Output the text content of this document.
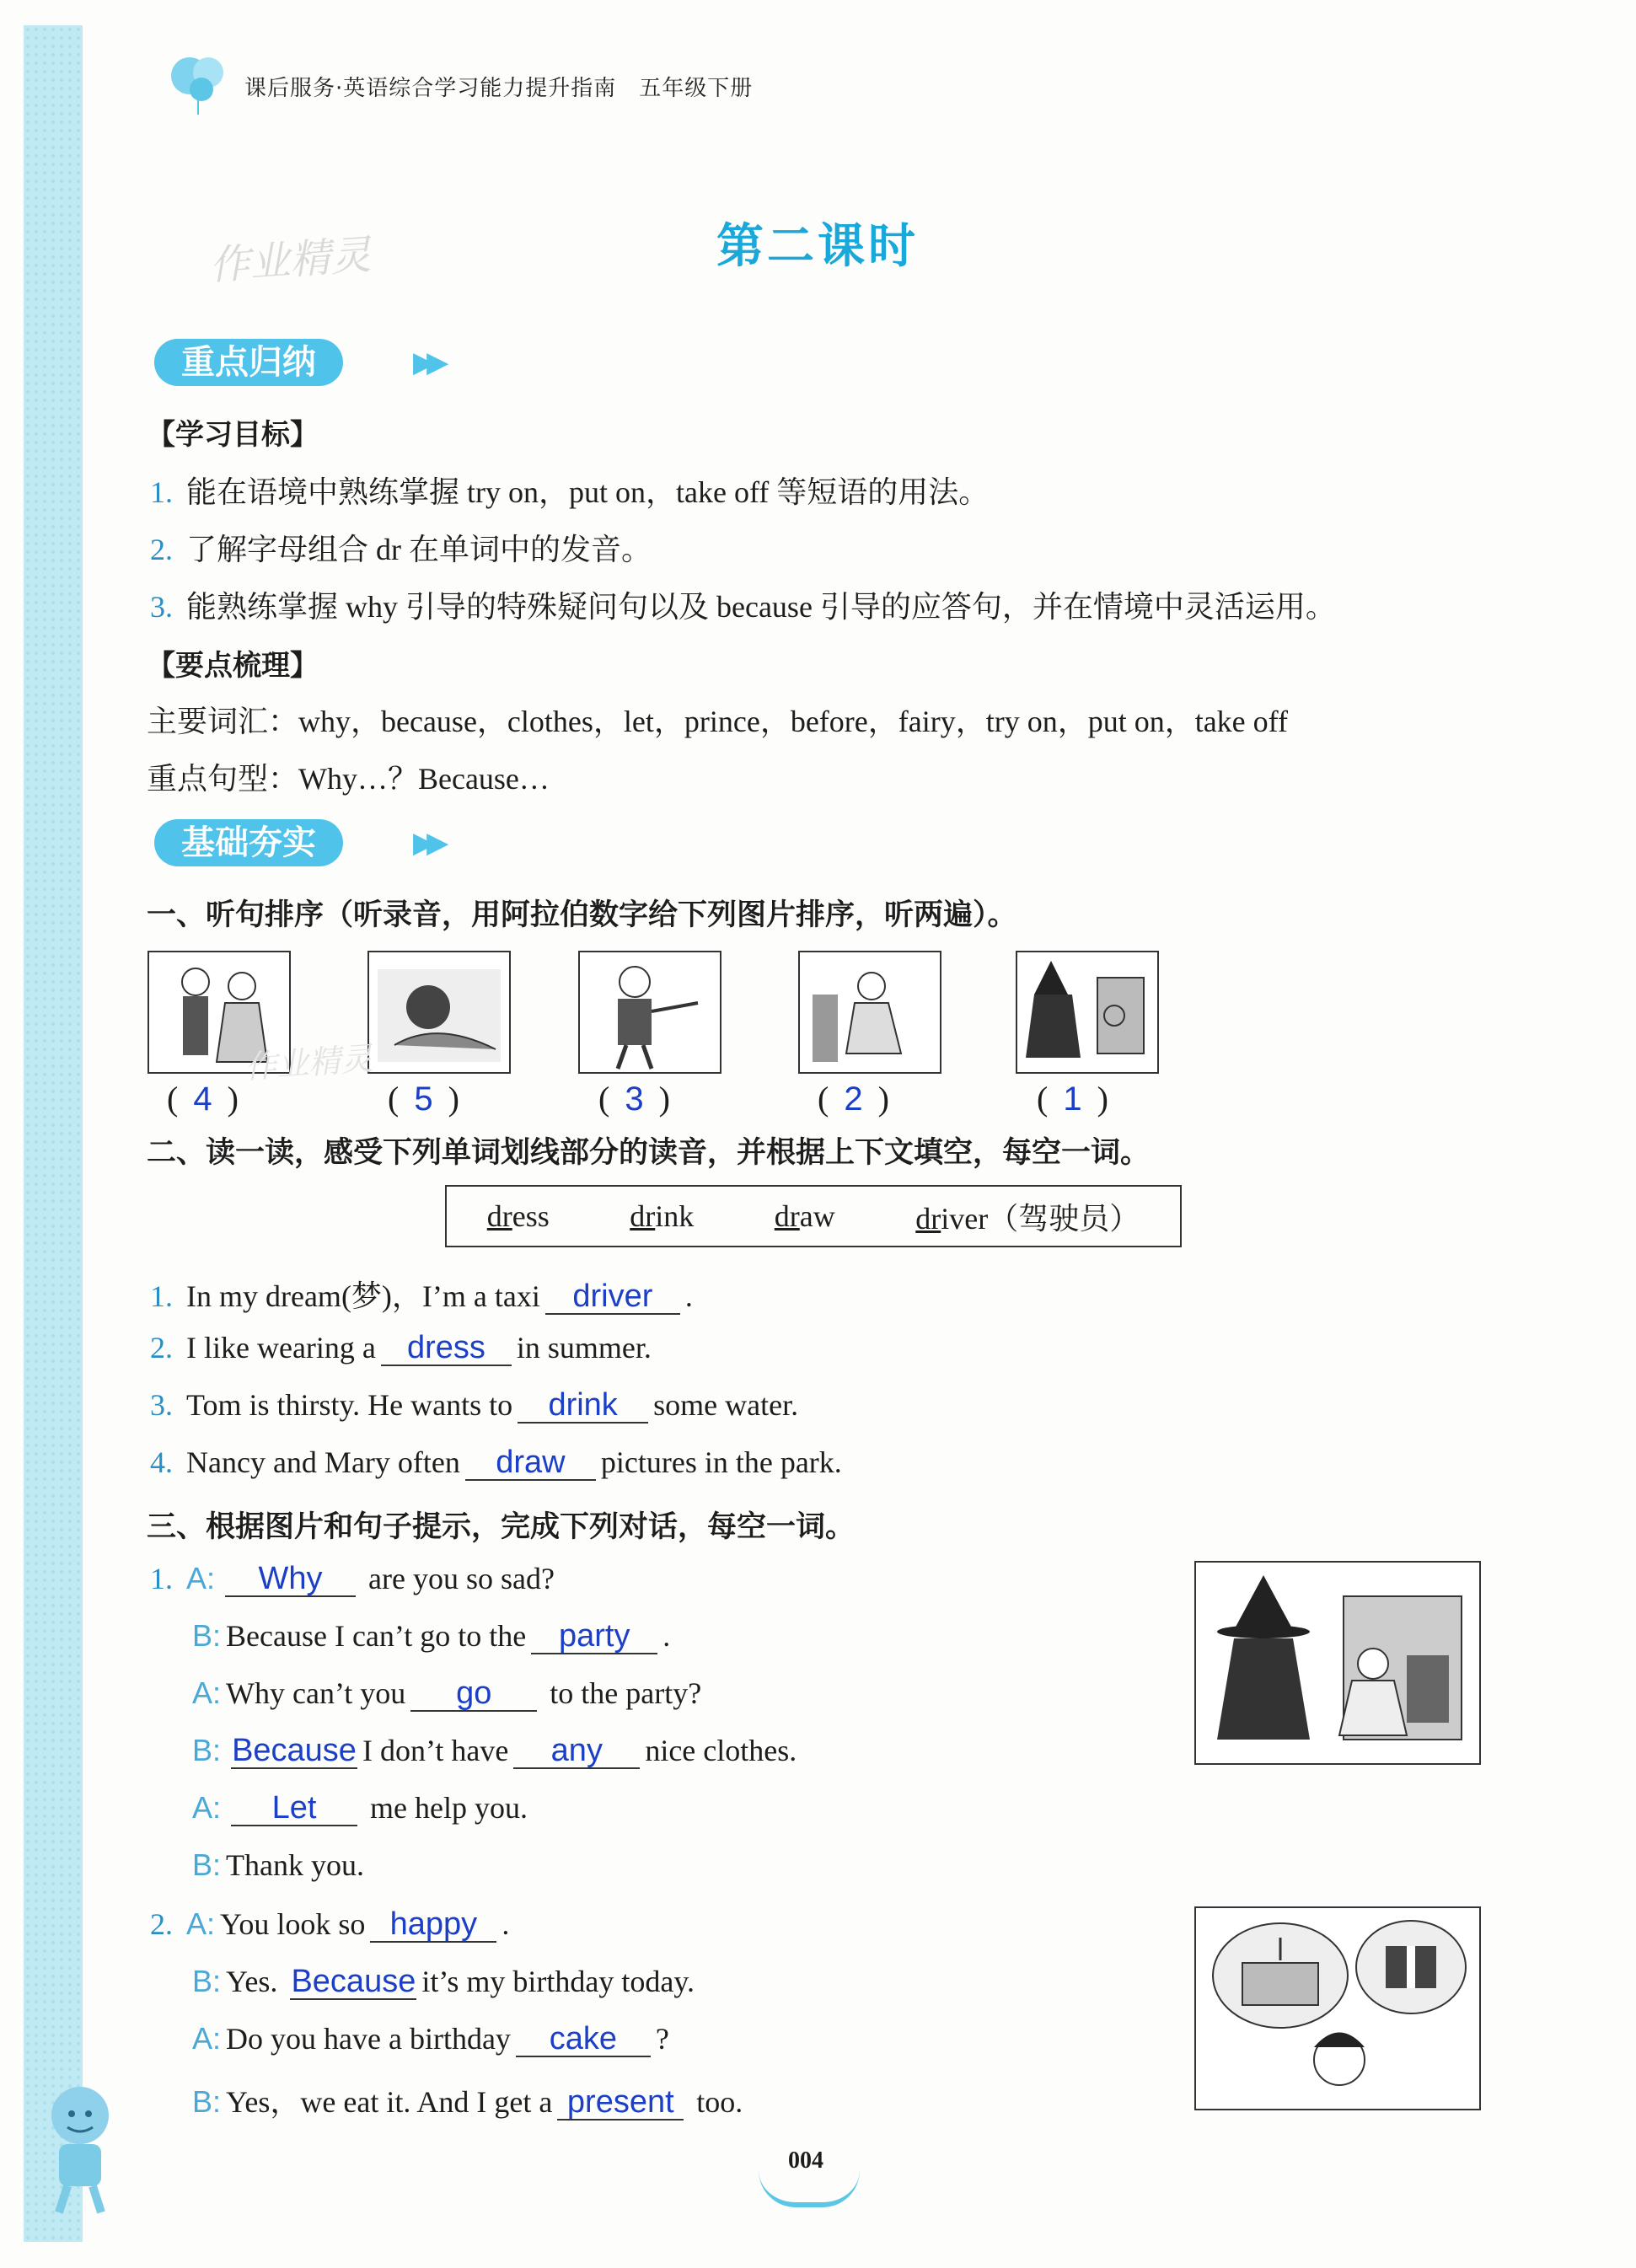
课后服务·英语综合学习能力提升指南　五年级下册
作业精灵	第二课时
重点归纳	▶▶
【学习目标】
1. 能在语境中熟练掌握 try on，put on，take off 等短语的用法。
2. 了解字母组合 dr 在单词中的发音。
3. 能熟练掌握 why 引导的特殊疑问句以及 because 引导的应答句，并在情境中灵活运用。
【要点梳理】
主要词汇：why，because，clothes，let，prince，before，fairy，try on，put on，take off
重点句型：Why…？Because…
基础夯实	▶▶
一、听句排序（听录音，用阿拉伯数字给下列图片排序，听两遍）。
作业精灵
( 4 )	( 5 )	( 3 )	( 2 )	( 1 )
二、读一读，感受下列单词划线部分的读音，并根据上下文填空，每空一词。
dress	drink	draw	driver（驾驶员）
1. In my dream(梦)，I’m a taxi driver .
2. I like wearing a dress in summer.
3. Tom is thirsty. He wants to drink some water.
4. Nancy and Mary often draw pictures in the park.
三、根据图片和句子提示，完成下列对话，每空一词。
1. A: Why are you so sad?
B: Because I can’t go to the party .
A: Why can’t you go to the party?
B: Because I don’t have any nice clothes.
A: Let me help you.
B: Thank you.
2. A: You look so happy .
B: Yes. Because it’s my birthday today.
A: Do you have a birthday cake ?
B: Yes，we eat it. And I get a present too.
004
